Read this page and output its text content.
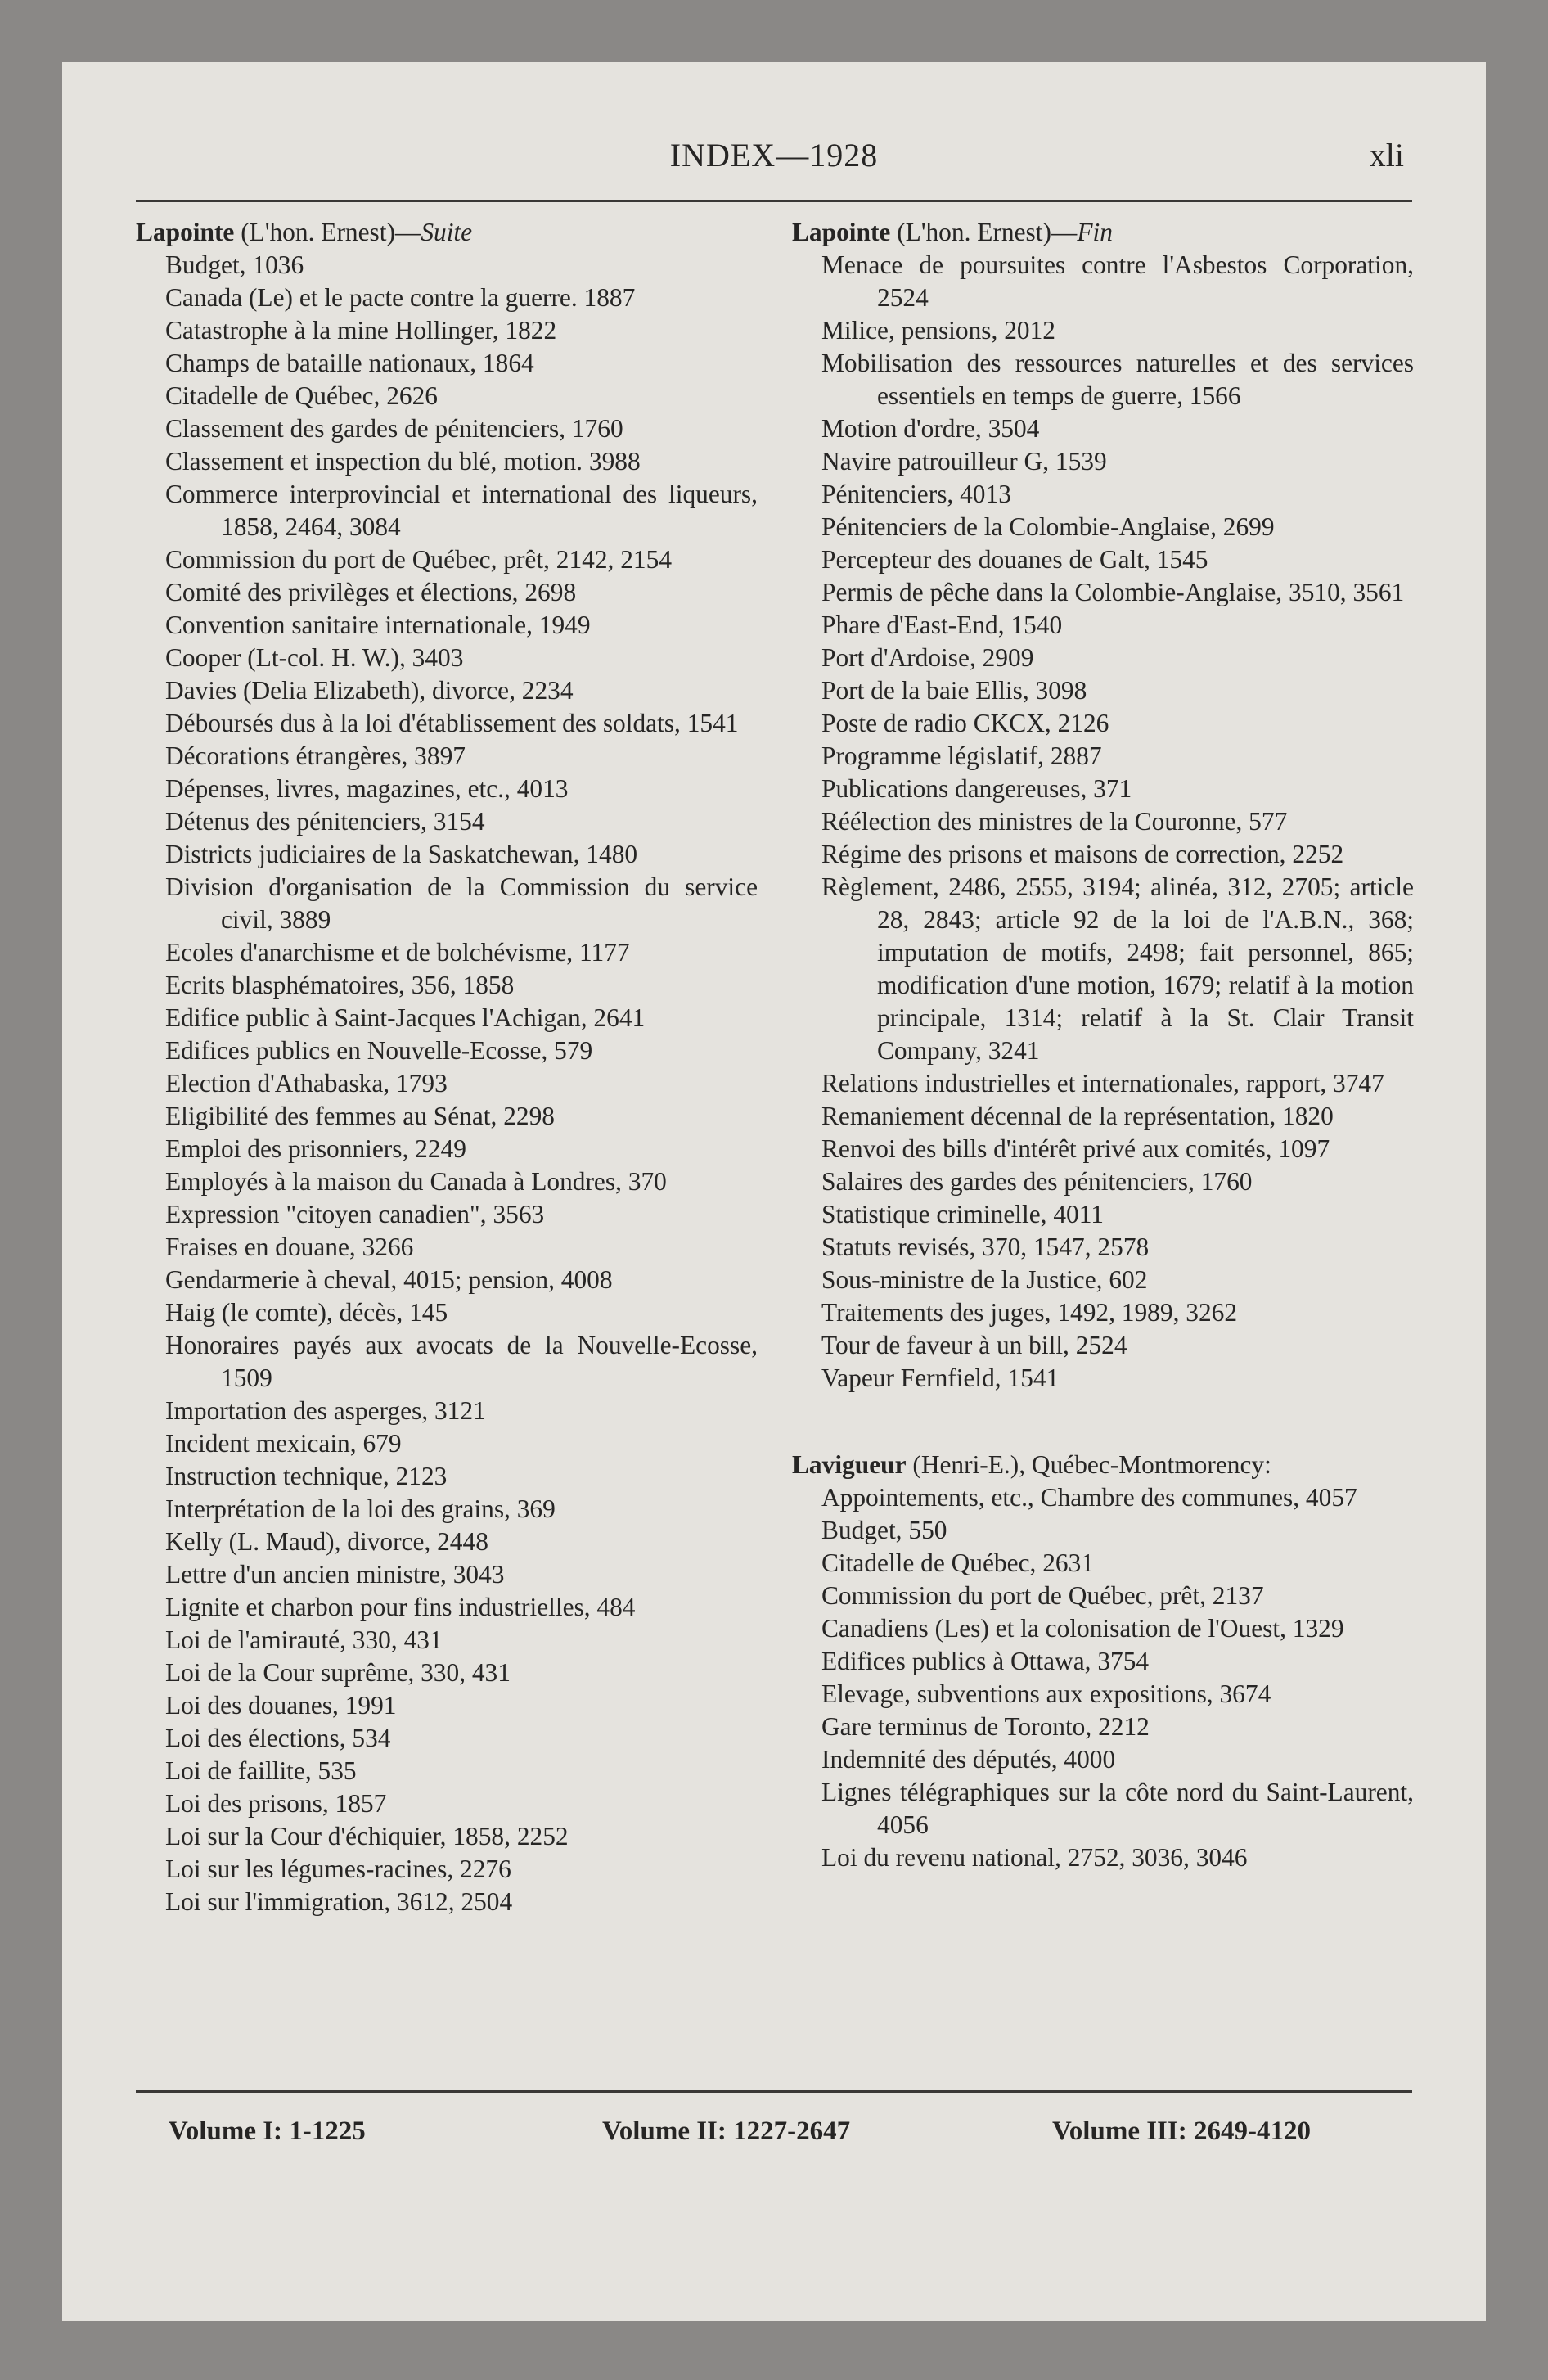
INDEX—1928	xli
Lapointe (L'hon. Ernest)—Suite
Budget, 1036
Canada (Le) et le pacte contre la guerre. 1887
Catastrophe à la mine Hollinger, 1822
Champs de bataille nationaux, 1864
Citadelle de Québec, 2626
Classement des gardes de pénitenciers, 1760
Classement et inspection du blé, motion. 3988
Commerce interprovincial et international des liqueurs, 1858, 2464, 3084
Commission du port de Québec, prêt, 2142, 2154
Comité des privilèges et élections, 2698
Convention sanitaire internationale, 1949
Cooper (Lt-col. H. W.), 3403
Davies (Delia Elizabeth), divorce, 2234
Déboursés dus à la loi d'établissement des soldats, 1541
Décorations étrangères, 3897
Dépenses, livres, magazines, etc., 4013
Détenus des pénitenciers, 3154
Districts judiciaires de la Saskatchewan, 1480
Division d'organisation de la Commission du service civil, 3889
Ecoles d'anarchisme et de bolchévisme, 1177
Ecrits blasphématoires, 356, 1858
Edifice public à Saint-Jacques l'Achigan, 2641
Edifices publics en Nouvelle-Ecosse, 579
Election d'Athabaska, 1793
Eligibilité des femmes au Sénat, 2298
Emploi des prisonniers, 2249
Employés à la maison du Canada à Londres, 370
Expression "citoyen canadien", 3563
Fraises en douane, 3266
Gendarmerie à cheval, 4015; pension, 4008
Haig (le comte), décès, 145
Honoraires payés aux avocats de la Nouvelle-Ecosse, 1509
Importation des asperges, 3121
Incident mexicain, 679
Instruction technique, 2123
Interprétation de la loi des grains, 369
Kelly (L. Maud), divorce, 2448
Lettre d'un ancien ministre, 3043
Lignite et charbon pour fins industrielles, 484
Loi de l'amirauté, 330, 431
Loi de la Cour suprême, 330, 431
Loi des douanes, 1991
Loi des élections, 534
Loi de faillite, 535
Loi des prisons, 1857
Loi sur la Cour d'échiquier, 1858, 2252
Loi sur les légumes-racines, 2276
Loi sur l'immigration, 3612, 2504
Lapointe (L'hon. Ernest)—Fin
Menace de poursuites contre l'Asbestos Corporation, 2524
Milice, pensions, 2012
Mobilisation des ressources naturelles et des services essentiels en temps de guerre, 1566
Motion d'ordre, 3504
Navire patrouilleur G, 1539
Pénitenciers, 4013
Pénitenciers de la Colombie-Anglaise, 2699
Percepteur des douanes de Galt, 1545
Permis de pêche dans la Colombie-Anglaise, 3510, 3561
Phare d'East-End, 1540
Port d'Ardoise, 2909
Port de la baie Ellis, 3098
Poste de radio CKCX, 2126
Programme législatif, 2887
Publications dangereuses, 371
Réélection des ministres de la Couronne, 577
Régime des prisons et maisons de correction, 2252
Règlement, 2486, 2555, 3194; alinéa, 312, 2705; article 28, 2843; article 92 de la loi de l'A.B.N., 368; imputation de motifs, 2498; fait personnel, 865; modification d'une motion, 1679; relatif à la motion principale, 1314; relatif à la St. Clair Transit Company, 3241
Relations industrielles et internationales, rapport, 3747
Remaniement décennal de la représentation, 1820
Renvoi des bills d'intérêt privé aux comités, 1097
Salaires des gardes des pénitenciers, 1760
Statistique criminelle, 4011
Statuts revisés, 370, 1547, 2578
Sous-ministre de la Justice, 602
Traitements des juges, 1492, 1989, 3262
Tour de faveur à un bill, 2524
Vapeur Fernfield, 1541
Lavigueur (Henri-E.), Québec-Montmorency:
Appointements, etc., Chambre des communes, 4057
Budget, 550
Citadelle de Québec, 2631
Commission du port de Québec, prêt, 2137
Canadiens (Les) et la colonisation de l'Ouest, 1329
Edifices publics à Ottawa, 3754
Elevage, subventions aux expositions, 3674
Gare terminus de Toronto, 2212
Indemnité des députés, 4000
Lignes télégraphiques sur la côte nord du Saint-Laurent, 4056
Loi du revenu national, 2752, 3036, 3046
Volume I: 1-1225	Volume II: 1227-2647	Volume III: 2649-4120
